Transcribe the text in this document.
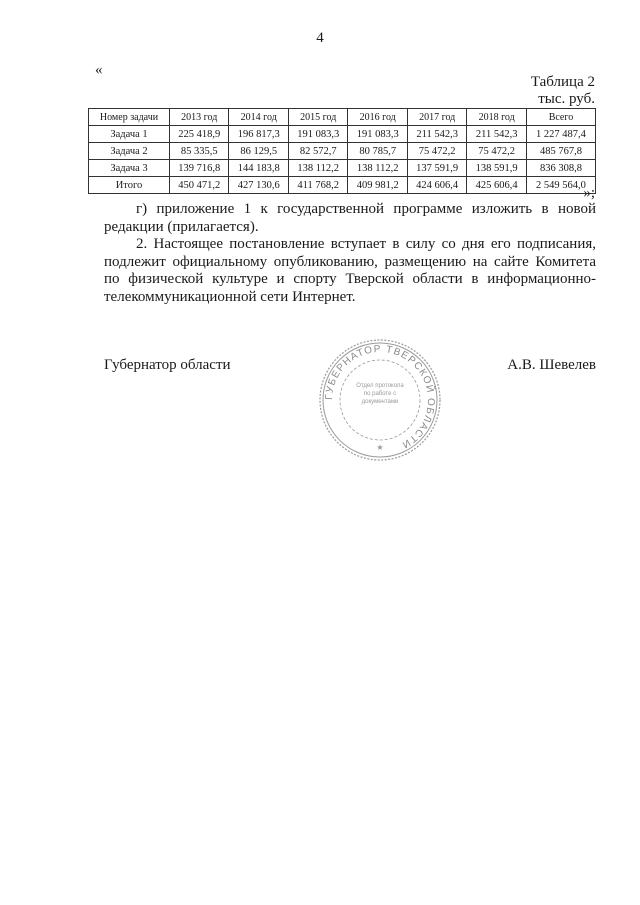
4
«
Таблица 2
тыс. руб.
Номер задачи	2013 год	2014 год	2015 год	2016 год	2017 год	2018 год	Всего
Задача 1	225 418,9	196 817,3	191 083,3	191 083,3	211 542,3	211 542,3	1 227 487,4
Задача 2	85 335,5	86 129,5	82 572,7	80 785,7	75 472,2	75 472,2	485 767,8
Задача 3	139 716,8	144 183,8	138 112,2	138 112,2	137 591,9	138 591,9	836 308,8
Итого	450 471,2	427 130,6	411 768,2	409 981,2	424 606,4	425 606,4	2 549 564,0
»;

г) приложение 1 к государственной программе изложить в новой редакции (прилагается).

2. Настоящее постановление вступает в силу со дня его подписания, подлежит официальному опубликованию, размещению на сайте Комитета по физической культуре и спорту Тверской области в информационно-телекоммуникационной сети Интернет.

Губернатор области	А.В. Шевелев
ГУБЕРНАТОР ТВЕРСКОЙ ОБЛАСТИ
Отдел протокола по работе с документами
★
